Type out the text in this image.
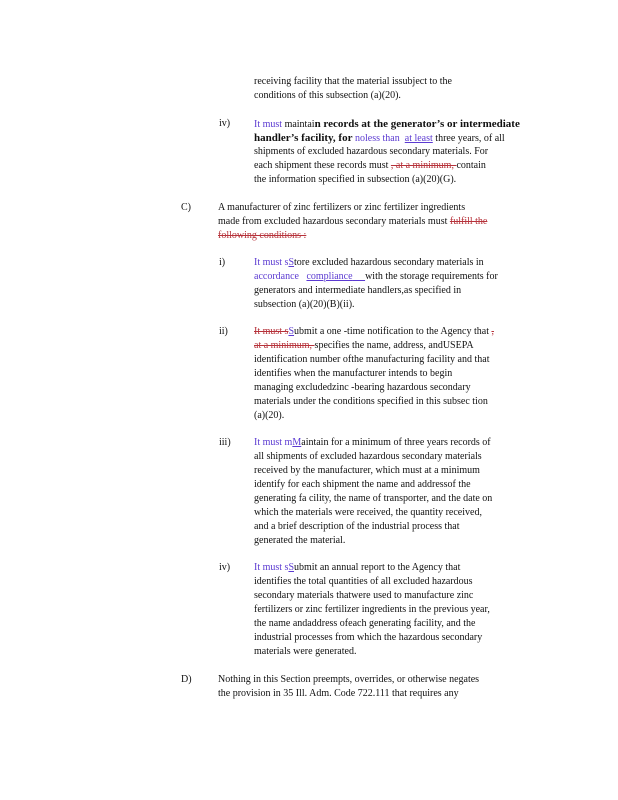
receiving facility that the material issubject to the
conditions of this subsection (a)(20).
iv) It must maintain records at the generator’s or intermediate
handler’s facility, for noless than at least three years, of all
shipments of excluded hazardous secondary materials. For
each shipment these records must , at a minimum, contain
the information specified in subsection (a)(20)(G).
C)	A manufacturer of zinc fertilizers or zinc fertilizer ingredients
made from excluded hazardous secondary materials must fulfill the
following conditions :
i)	It must sStore excluded hazardous secondary materials in
accordance compliance with the storage requirements for
generators and intermediate handlers,as specified in
subsection (a)(20)(B)(ii).
ii)	It must sSubmit a one -time notification to the Agency that ,
at a minimum, specifies the name, address, andUSEPA
identification number ofthe manufacturing facility and that
identifies when the manufacturer intends to begin
managing excludedzinc -bearing hazardous secondary
materials under the conditions specified in this subsec tion
(a)(20).
iii) It must mMaintain for a minimum of three years records of
all shipments of excluded hazardous secondary materials
received by the manufacturer, which must at a minimum
identify for each shipment the name and addressof the
generating fa cility, the name of transporter, and the date on
which the materials were received, the quantity received,
and a brief description of the industrial process that
generated the material.
iv) It must sSubmit an annual report to the Agency that
identifies the total quantities of all excluded hazardous
secondary materials thatwere used to manufacture zinc
fertilizers or zinc fertilizer ingredients in the previous year,
the name andaddress ofeach generating facility, and the
industrial processes from which the hazardous secondary
materials were generated.
D)	Nothing in this Section preempts, overrides, or otherwise negates
the provision in 35 Ill. Adm. Code 722.111 that requires any
